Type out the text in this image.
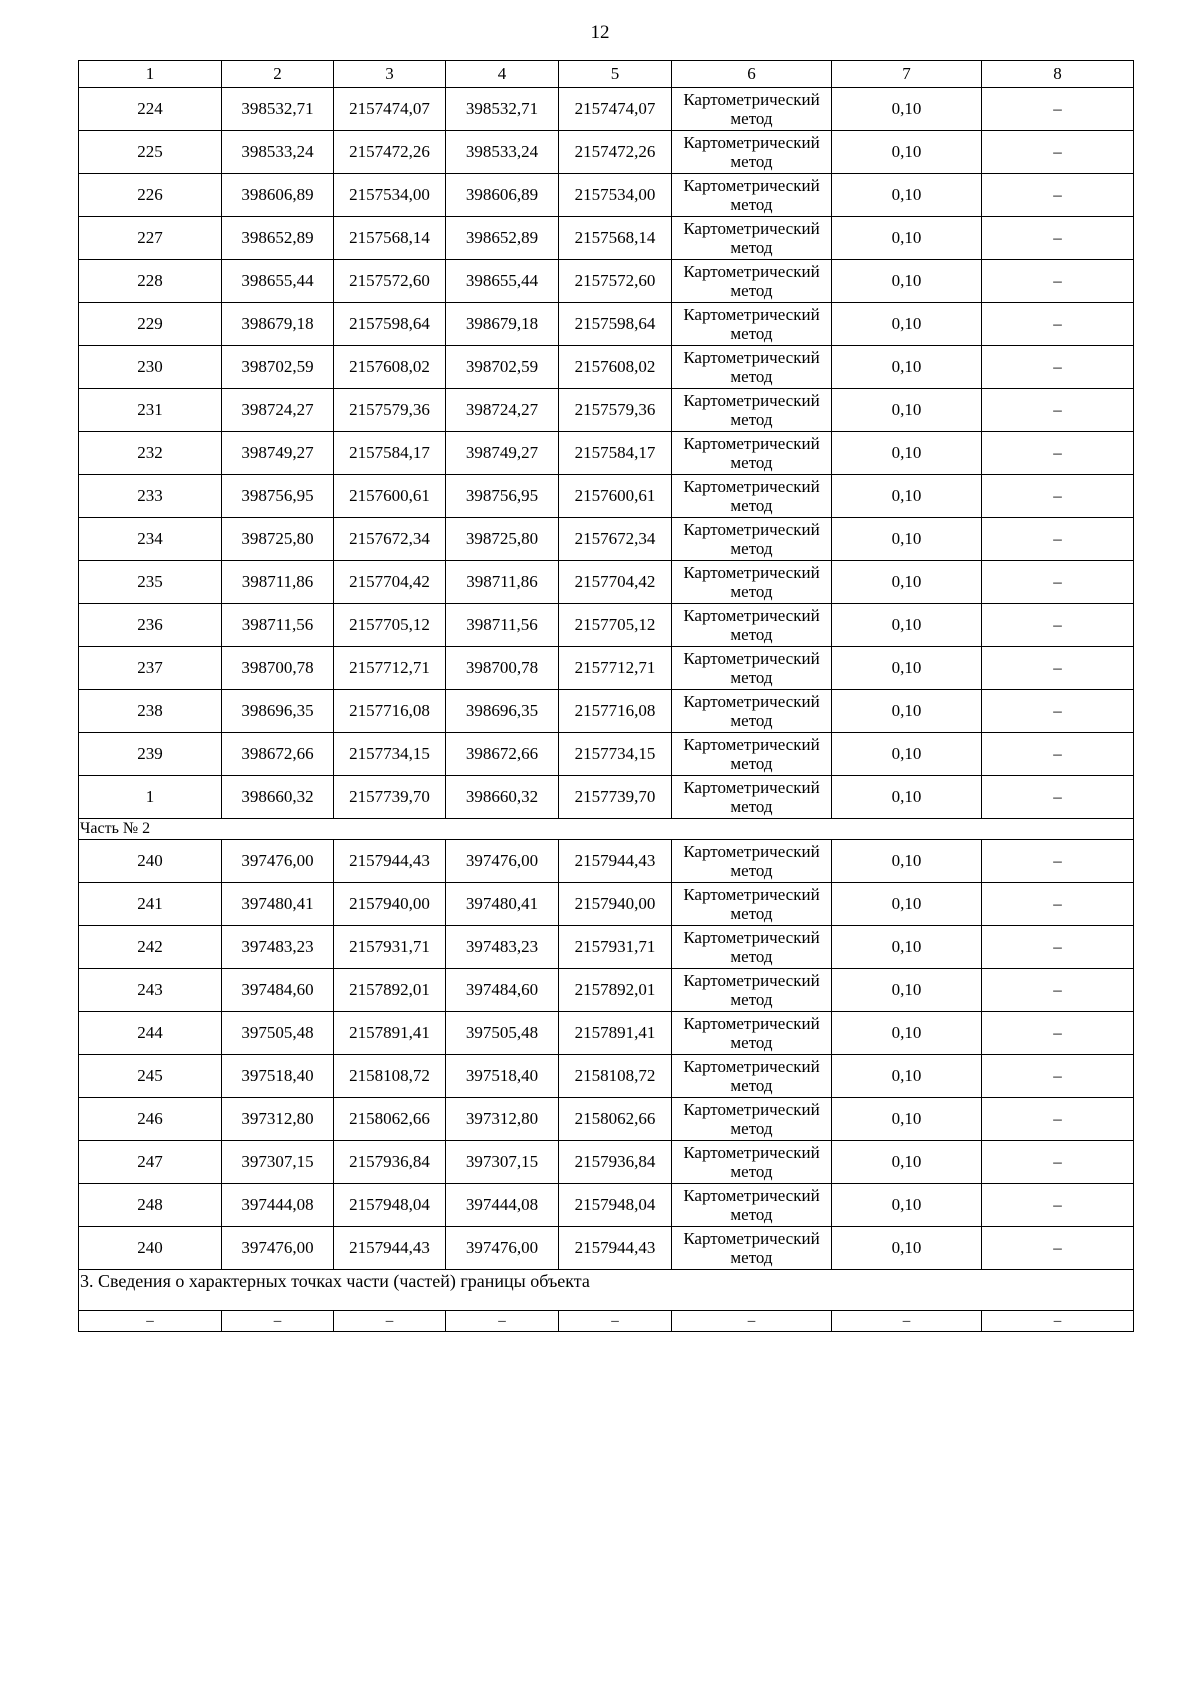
12
1	2	3	4	5	6	7	8
224	398532,71	2157474,07	398532,71	2157474,07	Картометрический метод	0,10	–
225	398533,24	2157472,26	398533,24	2157472,26	Картометрический метод	0,10	–
226	398606,89	2157534,00	398606,89	2157534,00	Картометрический метод	0,10	–
227	398652,89	2157568,14	398652,89	2157568,14	Картометрический метод	0,10	–
228	398655,44	2157572,60	398655,44	2157572,60	Картометрический метод	0,10	–
229	398679,18	2157598,64	398679,18	2157598,64	Картометрический метод	0,10	–
230	398702,59	2157608,02	398702,59	2157608,02	Картометрический метод	0,10	–
231	398724,27	2157579,36	398724,27	2157579,36	Картометрический метод	0,10	–
232	398749,27	2157584,17	398749,27	2157584,17	Картометрический метод	0,10	–
233	398756,95	2157600,61	398756,95	2157600,61	Картометрический метод	0,10	–
234	398725,80	2157672,34	398725,80	2157672,34	Картометрический метод	0,10	–
235	398711,86	2157704,42	398711,86	2157704,42	Картометрический метод	0,10	–
236	398711,56	2157705,12	398711,56	2157705,12	Картометрический метод	0,10	–
237	398700,78	2157712,71	398700,78	2157712,71	Картометрический метод	0,10	–
238	398696,35	2157716,08	398696,35	2157716,08	Картометрический метод	0,10	–
239	398672,66	2157734,15	398672,66	2157734,15	Картометрический метод	0,10	–
1	398660,32	2157739,70	398660,32	2157739,70	Картометрический метод	0,10	–
Часть № 2							
240	397476,00	2157944,43	397476,00	2157944,43	Картометрический метод	0,10	–
241	397480,41	2157940,00	397480,41	2157940,00	Картометрический метод	0,10	–
242	397483,23	2157931,71	397483,23	2157931,71	Картометрический метод	0,10	–
243	397484,60	2157892,01	397484,60	2157892,01	Картометрический метод	0,10	–
244	397505,48	2157891,41	397505,48	2157891,41	Картометрический метод	0,10	–
245	397518,40	2158108,72	397518,40	2158108,72	Картометрический метод	0,10	–
246	397312,80	2158062,66	397312,80	2158062,66	Картометрический метод	0,10	–
247	397307,15	2157936,84	397307,15	2157936,84	Картометрический метод	0,10	–
248	397444,08	2157948,04	397444,08	2157948,04	Картометрический метод	0,10	–
240	397476,00	2157944,43	397476,00	2157944,43	Картометрический метод	0,10	–
3. Сведения о характерных точках части (частей) границы объекта							
–	–	–	–	–	–	–	–
